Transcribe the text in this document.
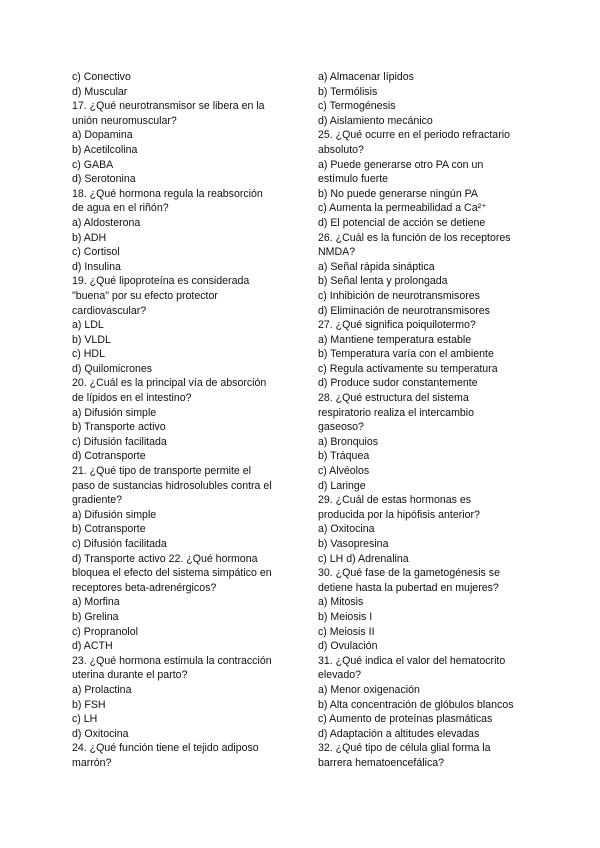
c) Conectivo
d) Muscular
17. ¿Qué neurotransmisor se libera en la
unión neuromuscular?
a) Dopamina
b) Acetilcolina
c) GABA
d) Serotonina
18. ¿Qué hormona regula la reabsorción
de agua en el riñón?
a) Aldosterona
b) ADH
c) Cortisol
d) Insulina
19. ¿Qué lipoproteína es considerada
"buena" por su efecto protector
cardiovascular?
a) LDL
b) VLDL
c) HDL
d) Quilomicrones
20. ¿Cuál es la principal vía de absorción
de lípidos en el intestino?
a) Difusión simple
b) Transporte activo
c) Difusión facilitada
d) Cotransporte
21. ¿Qué tipo de transporte permite el
paso de sustancias hidrosolubles contra el
gradiente?
a) Difusión simple
b) Cotransporte
c) Difusión facilitada
d) Transporte activo 22. ¿Qué hormona
bloquea el efecto del sistema simpático en
receptores beta-adrenérgicos?
a) Morfina
b) Grelina
c) Propranolol
d) ACTH
23. ¿Qué hormona estimula la contracción
uterina durante el parto?
a) Prolactina
b) FSH
c) LH
d) Oxitocina
24. ¿Qué función tiene el tejido adiposo
marrón?
a) Almacenar lípidos
b) Termólisis
c) Termogénesis
d) Aislamiento mecánico
25. ¿Qué ocurre en el periodo refractario
absoluto?
a) Puede generarse otro PA con un
estímulo fuerte
b) No puede generarse ningún PA
c) Aumenta la permeabilidad a Ca²⁺
d) El potencial de acción se detiene
26. ¿Cuál es la función de los receptores
NMDA?
a) Señal rápida sináptica
b) Señal lenta y prolongada
c) Inhibición de neurotransmisores
d) Eliminación de neurotransmisores
27. ¿Qué significa poiquilotermo?
a) Mantiene temperatura estable
b) Temperatura varía con el ambiente
c) Regula activamente su temperatura
d) Produce sudor constantemente
28. ¿Qué estructura del sistema
respiratorio realiza el intercambio
gaseoso?
a) Bronquios
b) Tráquea
c) Alvéolos
d) Laringe
29. ¿Cuál de estas hormonas es
producida por la hipófisis anterior?
a) Oxitocina
b) Vasopresina
c) LH d) Adrenalina
30. ¿Qué fase de la gametogénesis se
detiene hasta la pubertad en mujeres?
a) Mitosis
b) Meiosis I
c) Meiosis II
d) Ovulación
31. ¿Qué indica el valor del hematocrito
elevado?
a) Menor oxigenación
b) Alta concentración de glóbulos blancos
c) Aumento de proteínas plasmáticas
d) Adaptación a altitudes elevadas
32. ¿Qué tipo de célula glial forma la
barrera hematoencefálica?
